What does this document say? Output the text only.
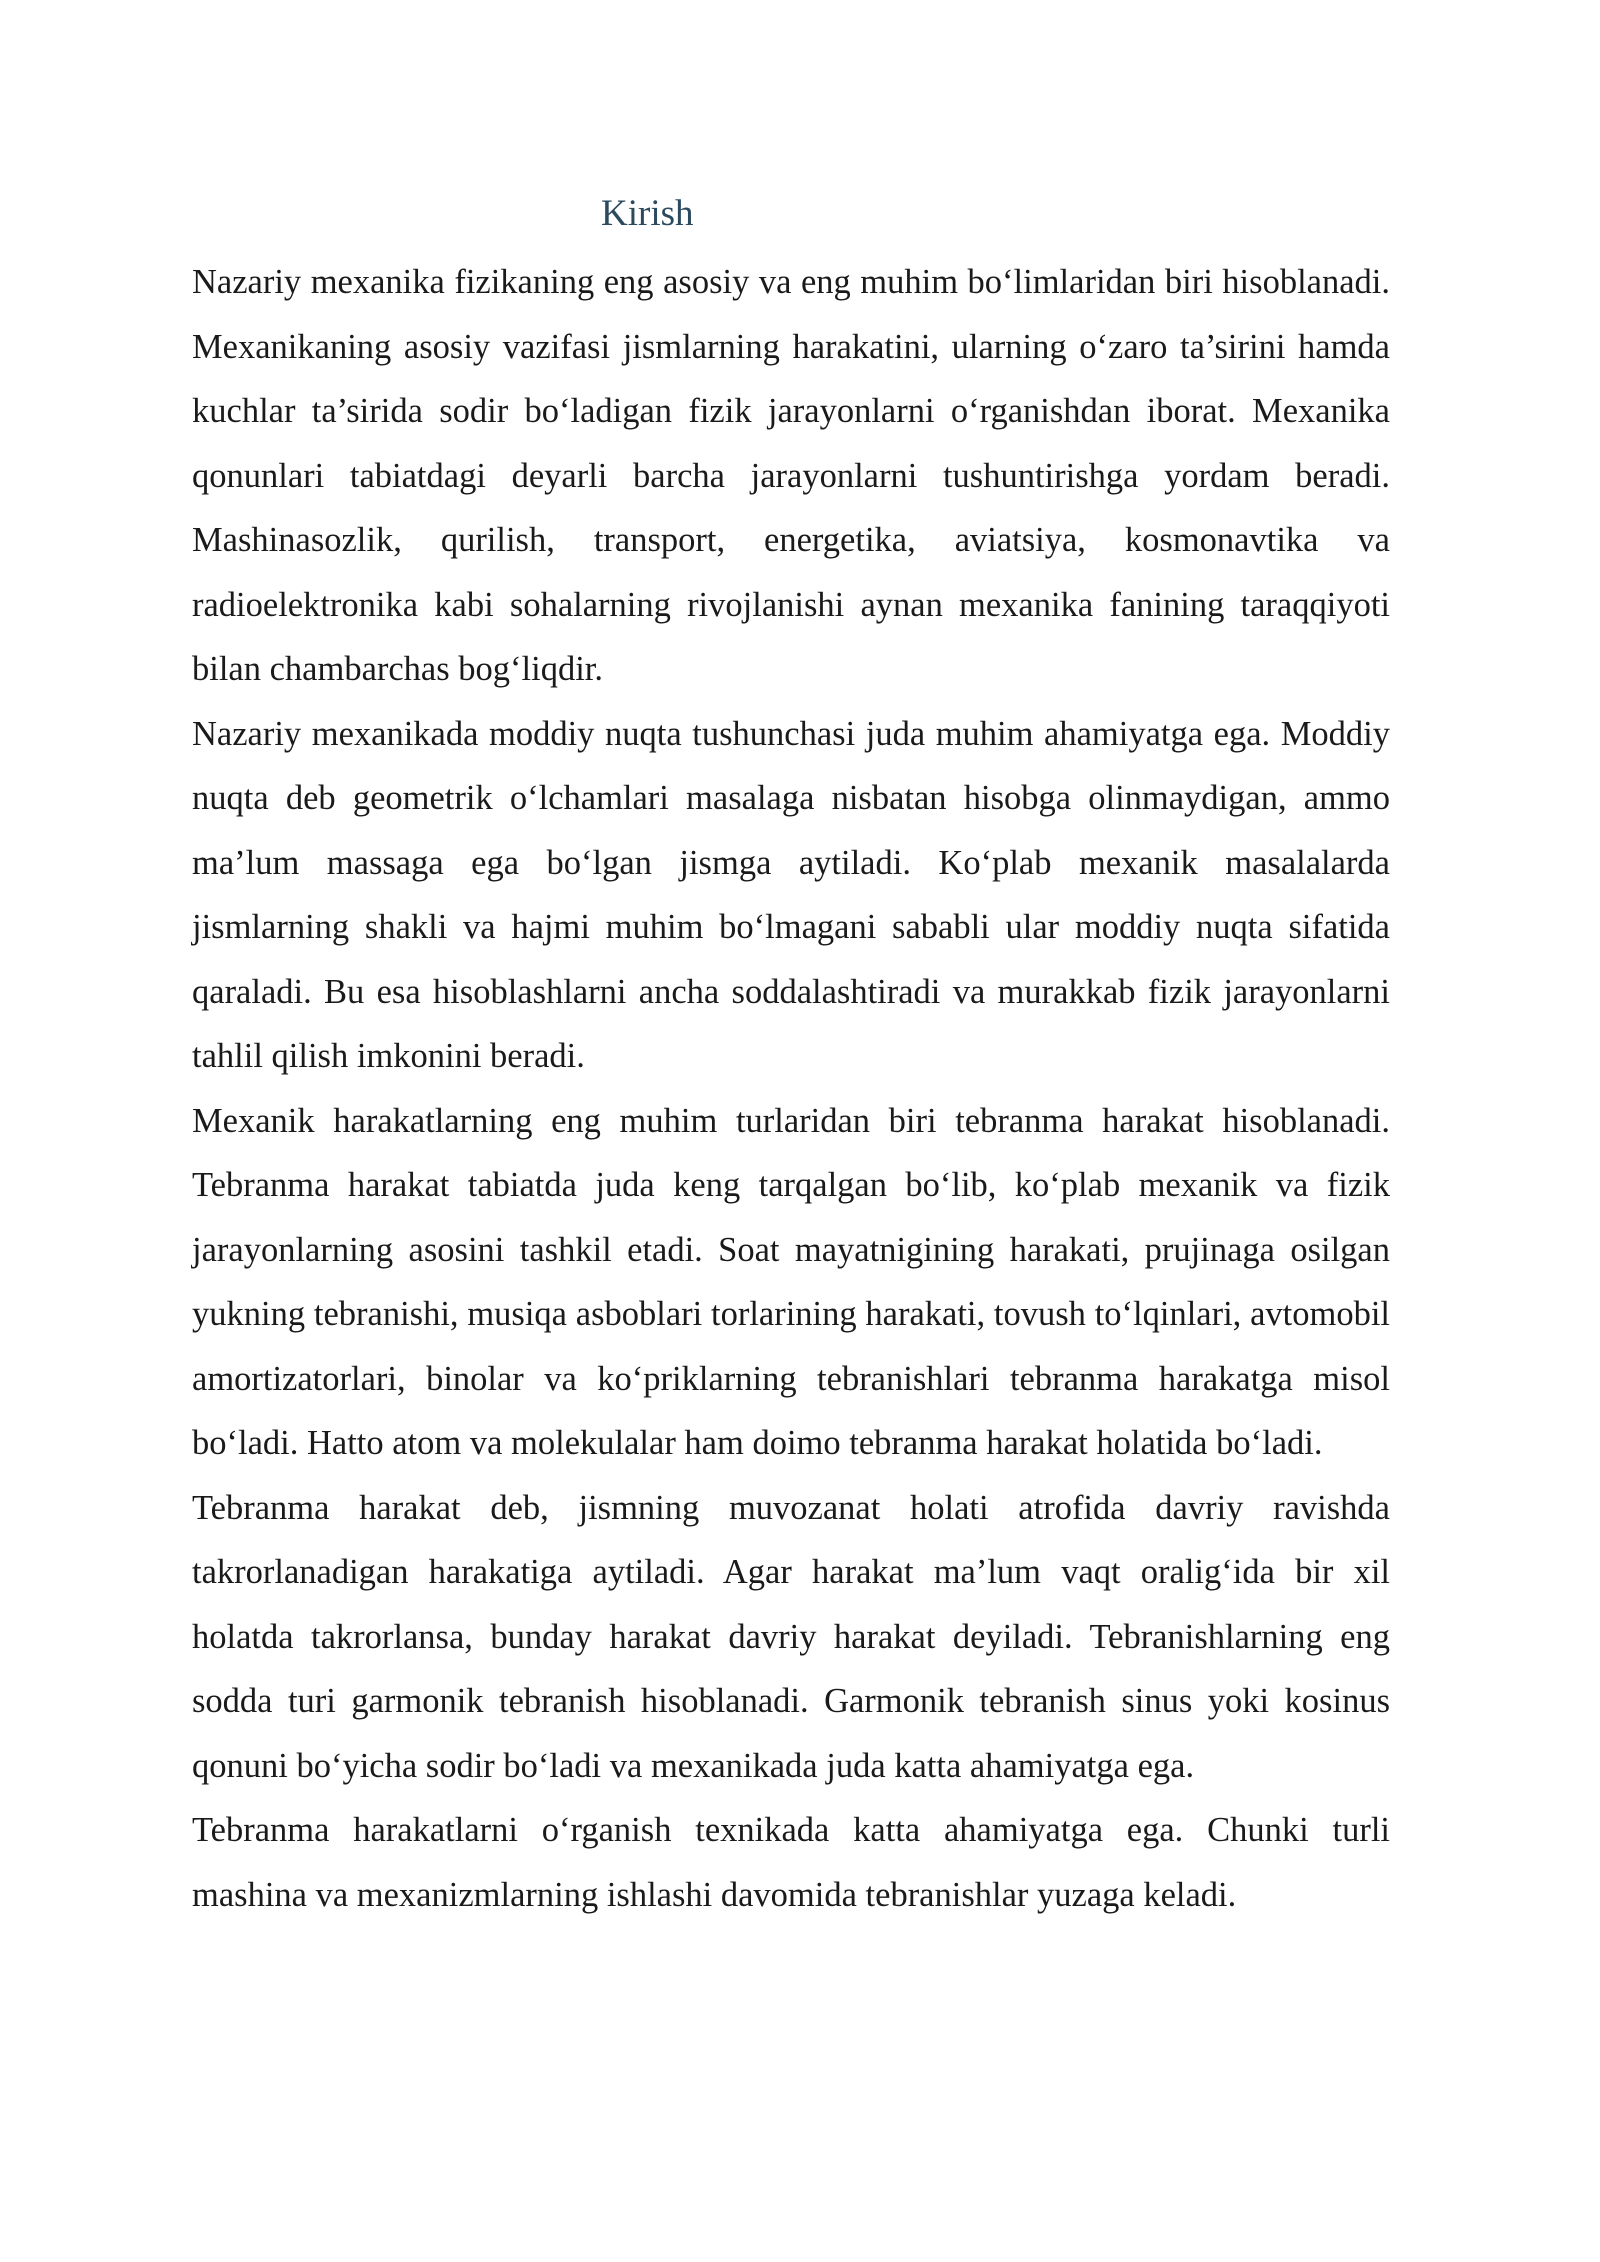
Kirish

Nazariy mexanika fizikaning eng asosiy va eng muhim bo‘limlaridan biri hisoblanadi. Mexanikaning asosiy vazifasi jismlarning harakatini, ularning o‘zaro ta’sirini hamda kuchlar ta’sirida sodir bo‘ladigan fizik jarayonlarni o‘rganishdan iborat. Mexanika qonunlari tabiatdagi deyarli barcha jarayonlarni tushuntirishga yordam beradi. Mashinasozlik, qurilish, transport, energetika, aviatsiya, kosmonavtika va radioelektronika kabi sohalarning rivojlanishi aynan mexanika fanining taraqqiyoti bilan chambarchas bog‘liqdir.

Nazariy mexanikada moddiy nuqta tushunchasi juda muhim ahamiyatga ega. Moddiy nuqta deb geometrik o‘lchamlari masalaga nisbatan hisobga olinmaydigan, ammo ma’lum massaga ega bo‘lgan jismga aytiladi. Ko‘plab mexanik masalalarda jismlarning shakli va hajmi muhim bo‘lmagani sababli ular moddiy nuqta sifatida qaraladi. Bu esa hisoblashlarni ancha soddalashtiradi va murakkab fizik jarayonlarni tahlil qilish imkonini beradi.

Mexanik harakatlarning eng muhim turlaridan biri tebranma harakat hisoblanadi. Tebranma harakat tabiatda juda keng tarqalgan bo‘lib, ko‘plab mexanik va fizik jarayonlarning asosini tashkil etadi. Soat mayatnigining harakati, prujinaga osilgan yukning tebranishi, musiqa asboblari torlarining harakati, tovush to‘lqinlari, avtomobil amortizatorlari, binolar va ko‘priklarning tebranishlari tebranma harakatga misol bo‘ladi. Hatto atom va molekulalar ham doimo tebranma harakat holatida bo‘ladi.

Tebranma harakat deb, jismning muvozanat holati atrofida davriy ravishda takrorlanadigan harakatiga aytiladi. Agar harakat ma’lum vaqt oralig‘ida bir xil holatda takrorlansa, bunday harakat davriy harakat deyiladi. Tebranishlarning eng sodda turi garmonik tebranish hisoblanadi. Garmonik tebranish sinus yoki kosinus qonuni bo‘yicha sodir bo‘ladi va mexanikada juda katta ahamiyatga ega.

Tebranma harakatlarni o‘rganish texnikada katta ahamiyatga ega. Chunki turli mashina va mexanizmlarning ishlashi davomida tebranishlar yuzaga keladi.
